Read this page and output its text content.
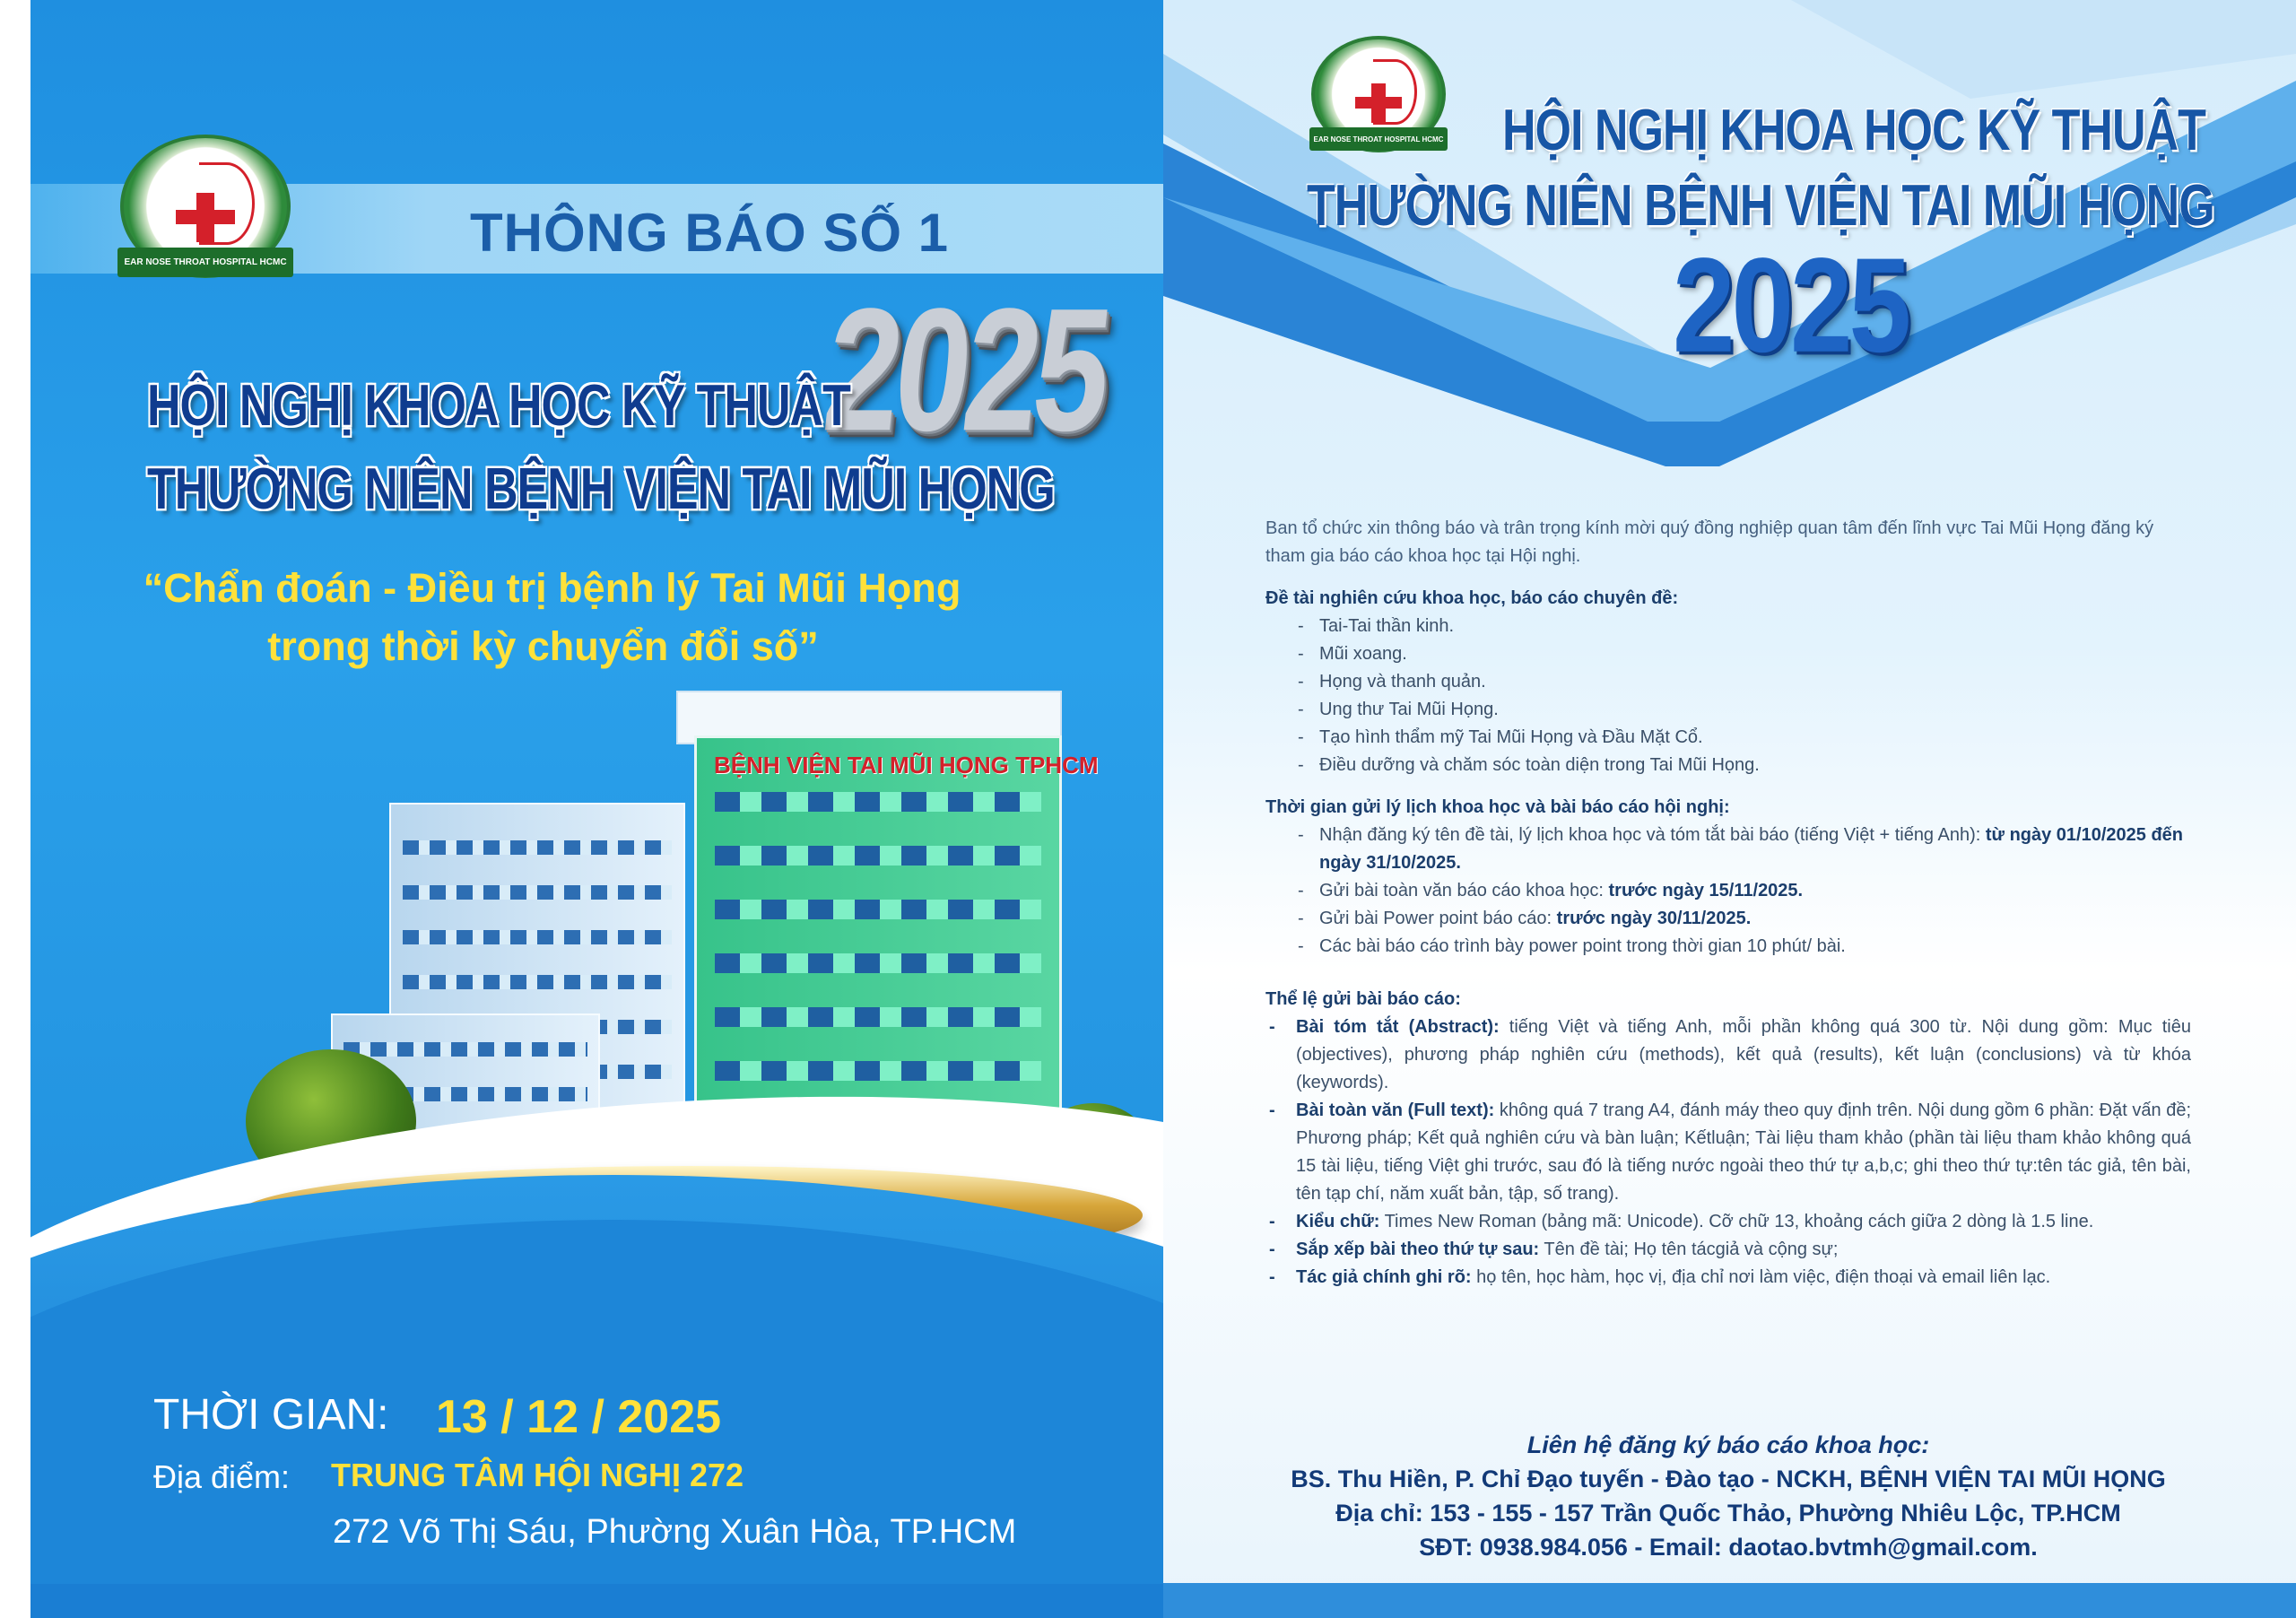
EAR NOSE THROAT HOSPITAL HCMC	THÔNG BÁO SỐ 1
2025
HỘI NGHỊ KHOA HỌC KỸ THUẬT
THƯỜNG NIÊN BỆNH VIỆN TAI MŨI HỌNG
“Chẩn đoán - Điều trị bệnh lý Tai Mũi Họng
trong thời kỳ chuyển đổi số”
BỆNH VIỆN TAI MŨI HỌNG TPHCM
THỜI GIAN: 13 / 12 / 2025
Địa điểm: TRUNG TÂM HỘI NGHỊ 272
272 Võ Thị Sáu, Phường Xuân Hòa, TP.HCM
EAR NOSE THROAT HOSPITAL HCMC HỘI NGHỊ KHOA HỌC KỸ THUẬT
THƯỜNG NIÊN BỆNH VIỆN TAI MŨI HỌNG
2025

Ban tổ chức xin thông báo và trân trọng kính mời quý đồng nghiệp quan tâm đến lĩnh vực Tai Mũi Họng đăng ký tham gia báo cáo khoa học tại Hội nghị.

Đề tài nghiên cứu khoa học, báo cáo chuyên đề:

- Tai-Tai thần kinh.

- Mũi xoang.

- Họng và thanh quản.

- Ung thư Tai Mũi Họng.

- Tạo hình thẩm mỹ Tai Mũi Họng và Đầu Mặt Cổ.

- Điều dưỡng và chăm sóc toàn diện trong Tai Mũi Họng.

Thời gian gửi lý lịch khoa học và bài báo cáo hội nghị:

- Nhận đăng ký tên đề tài, lý lịch khoa học và tóm tắt bài báo (tiếng Việt + tiếng Anh): từ ngày 01/10/2025 đến ngày 31/10/2025.

- Gửi bài toàn văn báo cáo khoa học: trước ngày 15/11/2025.

- Gửi bài Power point báo cáo: trước ngày 30/11/2025.

- Các bài báo cáo trình bày power point trong thời gian 10 phút/ bài.

Thể lệ gửi bài báo cáo:

- Bài tóm tắt (Abstract): tiếng Việt và tiếng Anh, mỗi phần không quá 300 từ. Nội dung gồm: Mục tiêu (objectives), phương pháp nghiên cứu (methods), kết quả (results), kết luận (conclusions) và từ khóa (keywords).

- Bài toàn văn (Full text): không quá 7 trang A4, đánh máy theo quy định trên. Nội dung gồm 6 phần: Đặt vấn đề; Phương pháp; Kết quả nghiên cứu và bàn luận; Kếtluận; Tài liệu tham khảo (phần tài liệu tham khảo không quá 15 tài liệu, tiếng Việt ghi trước, sau đó là tiếng nước ngoài theo thứ tự a,b,c; ghi theo thứ tự:tên tác giả, tên bài, tên tạp chí, năm xuất bản, tập, số trang).

- Kiểu chữ: Times New Roman (bảng mã: Unicode). Cỡ chữ 13, khoảng cách giữa 2 dòng là 1.5 line.

- Sắp xếp bài theo thứ tự sau: Tên đề tài; Họ tên tácgiả và cộng sự;

- Tác giả chính ghi rõ: họ tên, học hàm, học vị, địa chỉ nơi làm việc, điện thoại và email liên lạc.

Liên hệ đăng ký báo cáo khoa học:
BS. Thu Hiền, P. Chỉ Đạo tuyến - Đào tạo - NCKH, BỆNH VIỆN TAI MŨI HỌNG
Địa chỉ: 153 - 155 - 157 Trần Quốc Thảo, Phường Nhiêu Lộc, TP.HCM
SĐT: 0938.984.056 - Email: daotao.bvtmh@gmail.com.
